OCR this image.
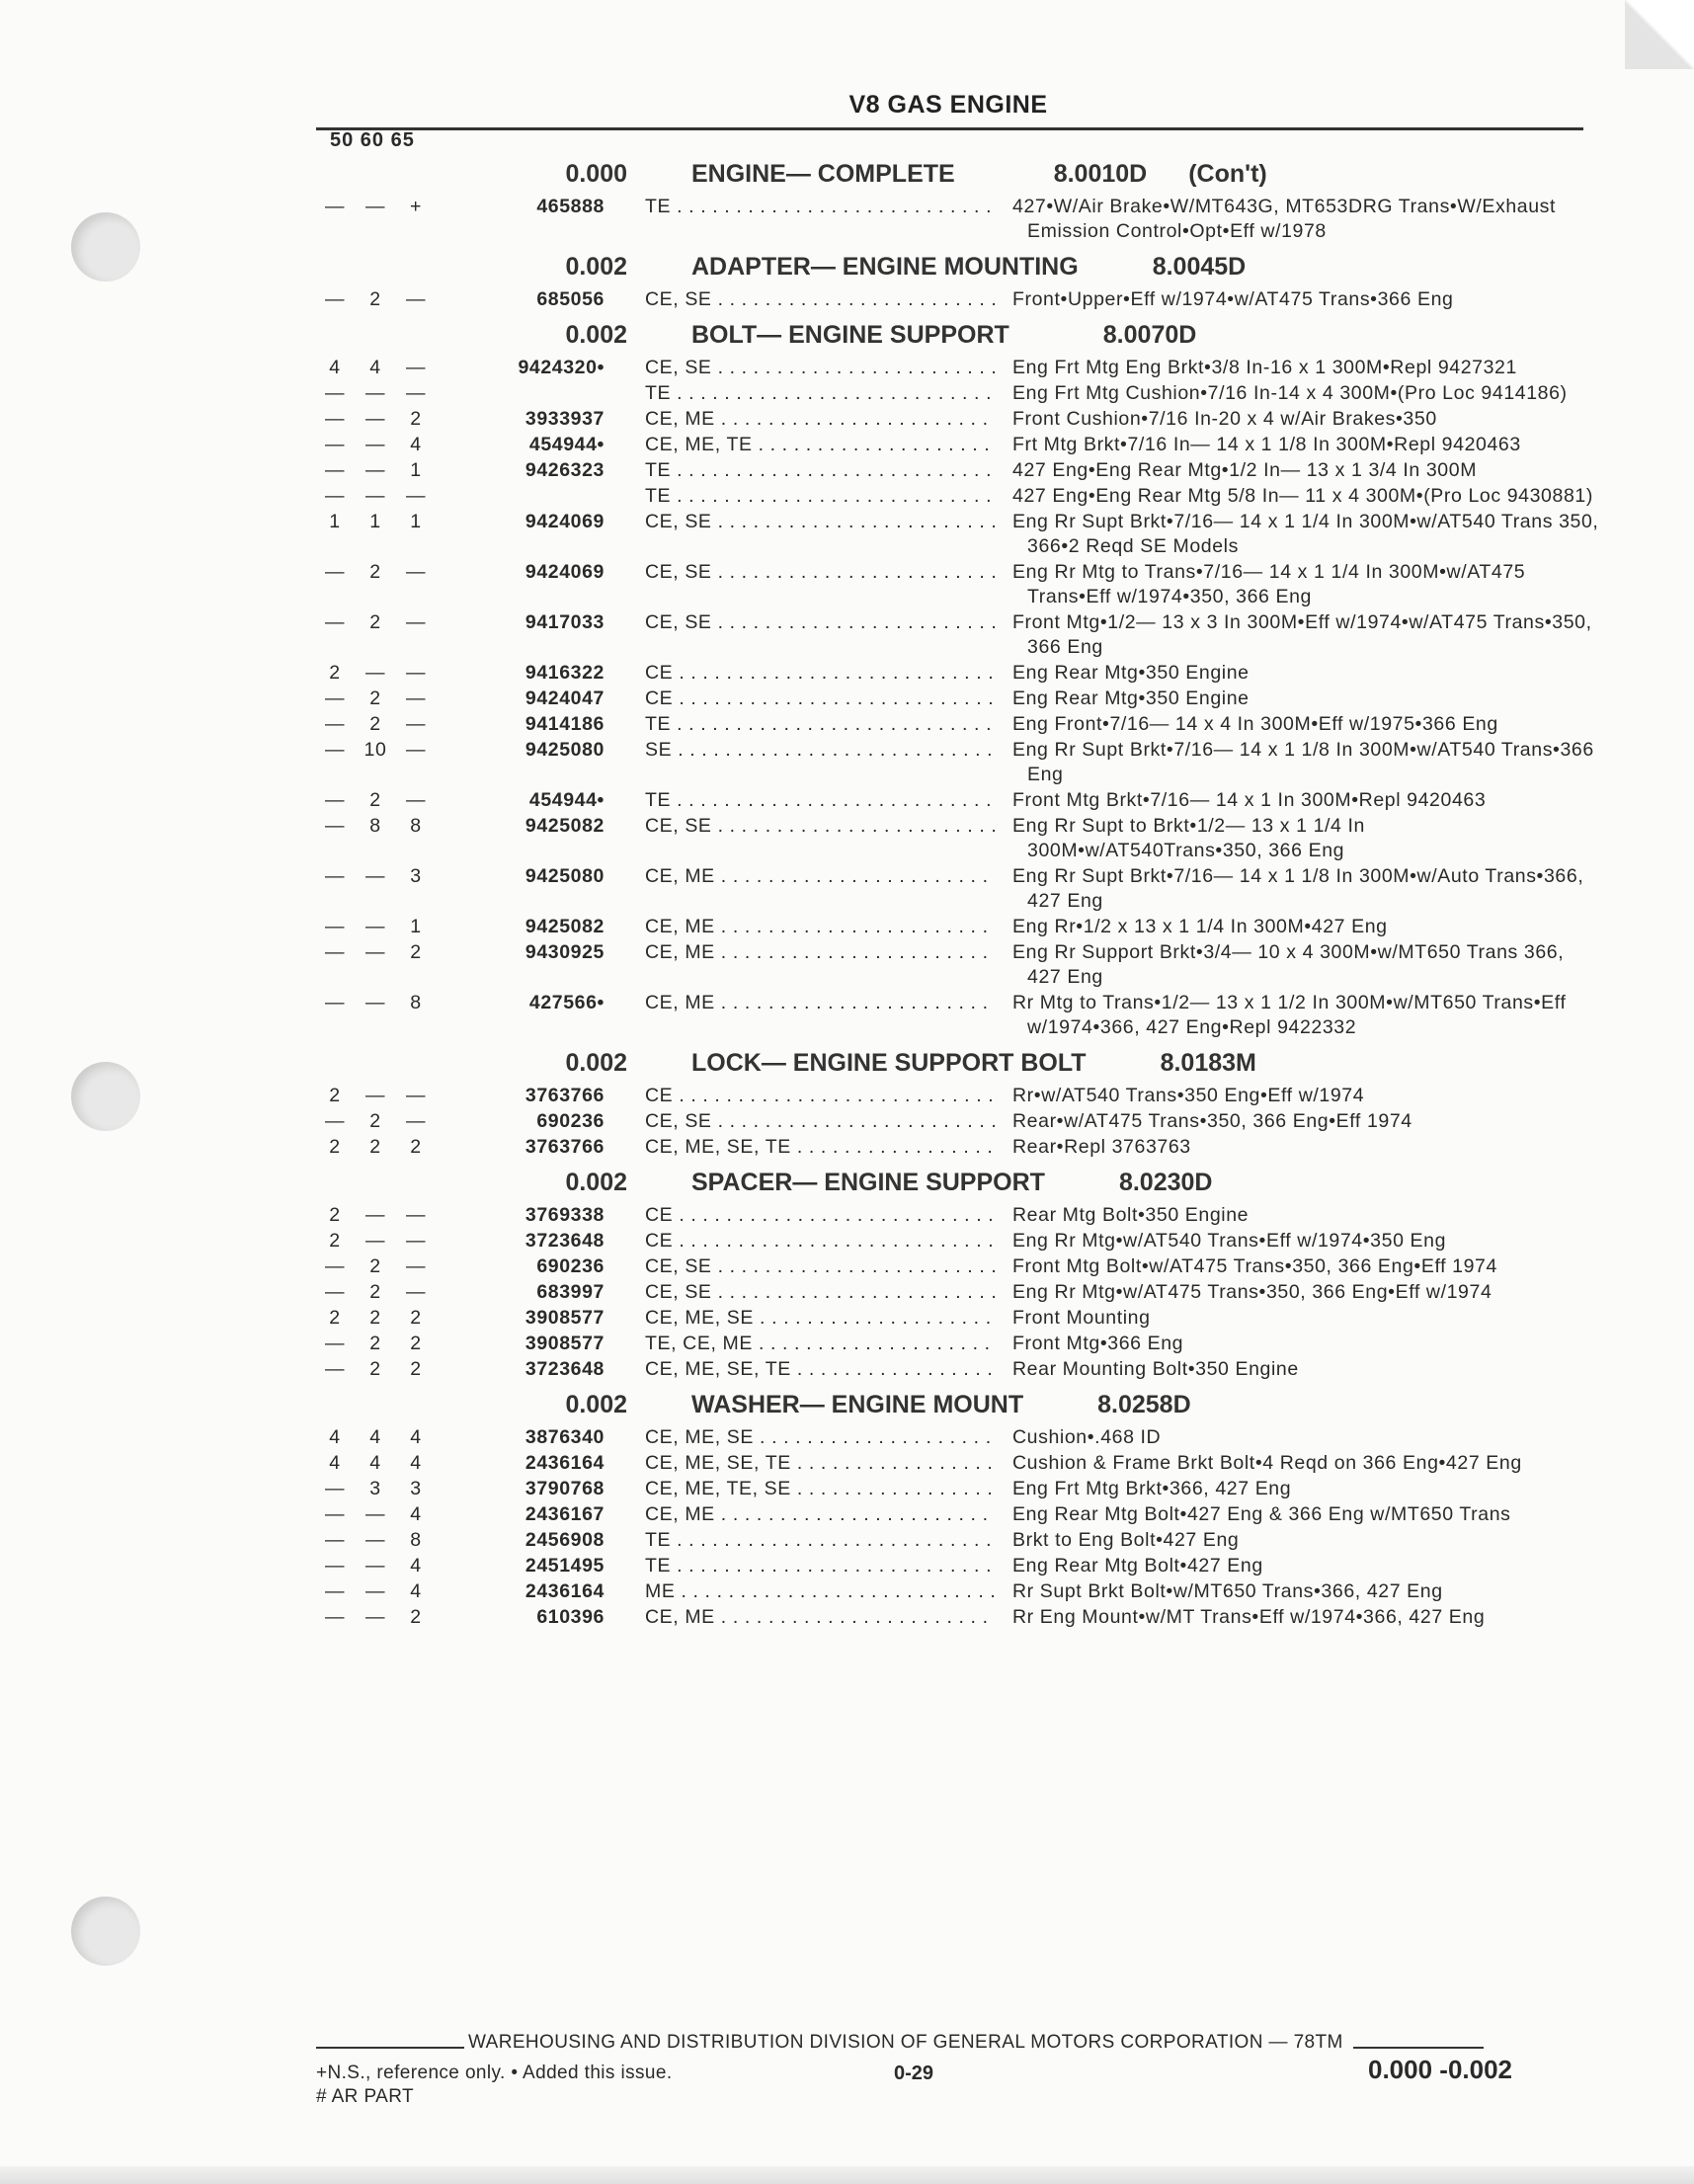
V8 GAS ENGINE
50 60 65
0.000	ENGINE— COMPLETE	8.0010D (Con't)
— —	+	465888 TE . . .	427•W/Air Brake•W/MT643G, MT653DRG Trans•W/Exhaust Emission Control•Opt•Eff w/1978
0.002	ADAPTER— ENGINE MOUNTING	8.0045D
—	2	—	685056 CE, SE . . .	Front•Upper•Eff w/1974•w/AT475 Trans•366 Eng
0.002	BOLT— ENGINE SUPPORT	8.0070D
4	4	—	9424320• CE, SE . . .	Eng Frt Mtg Eng Brkt•3/8 In-16 x 1 300M•Repl 9427321
— — —	TE . . .	Eng Frt Mtg Cushion•7/16 In-14 x 4 300M•(Pro Loc 9414186)
— —	2	3933937 CE, ME . . .	Front Cushion•7/16 In-20 x 4 w/Air Brakes•350
— —	4	454944• CE, ME, TE . . .	Frt Mtg Brkt•7/16 In— 14 x 1 1/8 In 300M•Repl 9420463
— —	1	9426323 TE . . .	427 Eng•Eng Rear Mtg•1/2 In— 13 x 1 3/4 In 300M
— — —	TE . . .	427 Eng•Eng Rear Mtg 5/8 In— 11 x 4 300M•(Pro Loc 9430881)
1	1	1	9424069 CE, SE . . .	Eng Rr Supt Brkt•7/16— 14 x 1 1/4 In 300M•w/AT540 Trans 350, 366•2 Reqd SE Models
—	2	—	9424069 CE, SE . . .	Eng Rr Mtg to Trans•7/16— 14 x 1 1/4 In 300M•w/AT475 Trans•Eff w/1974•350, 366 Eng
—	2	—	9417033 CE, SE . . .	Front Mtg•1/2— 13 x 3 In 300M•Eff w/1974•w/AT475 Trans•350, 366 Eng
2	— —	9416322 CE . . .	Eng Rear Mtg•350 Engine
—	2	—	9424047 CE . . .	Eng Rear Mtg•350 Engine
—	2	—	9414186 TE . . .	Eng Front•7/16— 14 x 4 In 300M•Eff w/1975•366 Eng
— 10 —	9425080 SE . . .	Eng Rr Supt Brkt•7/16— 14 x 1 1/8 In 300M•w/AT540 Trans•366 Eng
—	2	—	454944• TE . . .	Front Mtg Brkt•7/16— 14 x 1 In 300M•Repl 9420463
—	8	8	9425082 CE, SE . . .	Eng Rr Supt to Brkt•1/2— 13 x 1 1/4 In 300M•w/AT540Trans•350, 366 Eng
— —	3	9425080 CE, ME . . .	Eng Rr Supt Brkt•7/16— 14 x 1 1/8 In 300M•w/Auto Trans•366, 427 Eng
— —	1	9425082 CE, ME . . .	Eng Rr•1/2 x 13 x 1 1/4 In 300M•427 Eng
— —	2	9430925 CE, ME . . .	Eng Rr Support Brkt•3/4— 10 x 4 300M•w/MT650 Trans 366, 427 Eng
— —	8	427566• CE, ME . . .	Rr Mtg to Trans•1/2— 13 x 1 1/2 In 300M•w/MT650 Trans•Eff w/1974•366, 427 Eng•Repl 9422332
0.002	LOCK— ENGINE SUPPORT BOLT	8.0183M
2	— —	3763766 CE . . .	Rr•w/AT540 Trans•350 Eng•Eff w/1974
—	2	—	690236 CE, SE . . .	Rear•w/AT475 Trans•350, 366 Eng•Eff 1974
2	2	2	3763766 CE, ME, SE, TE . . .	Rear•Repl 3763763
0.002	SPACER— ENGINE SUPPORT	8.0230D
2	— —	3769338 CE . . .	Rear Mtg Bolt•350 Engine
2	— —	3723648 CE . . .	Eng Rr Mtg•w/AT540 Trans•Eff w/1974•350 Eng
—	2	—	690236 CE, SE . . .	Front Mtg Bolt•w/AT475 Trans•350, 366 Eng•Eff 1974
—	2	—	683997 CE, SE . . .	Eng Rr Mtg•w/AT475 Trans•350, 366 Eng•Eff w/1974
2	2	2	3908577 CE, ME, SE . . .	Front Mounting
—	2	2	3908577 TE, CE, ME . . .	Front Mtg•366 Eng
—	2	2	3723648 CE, ME, SE, TE . . .	Rear Mounting Bolt•350 Engine
0.002	WASHER— ENGINE MOUNT	8.0258D
4	4	4	3876340 CE, ME, SE . . .	Cushion•.468 ID
4	4	4	2436164 CE, ME, SE, TE . . .	Cushion & Frame Brkt Bolt•4 Reqd on 366 Eng•427 Eng
—	3	3	3790768 CE, ME, TE, SE . . .	Eng Frt Mtg Brkt•366, 427 Eng
— —	4	2436167 CE, ME . . .	Eng Rear Mtg Bolt•427 Eng & 366 Eng w/MT650 Trans
— —	8	2456908 TE . . .	Brkt to Eng Bolt•427 Eng
— —	4	2451495 TE . . .	Eng Rear Mtg Bolt•427 Eng
— —	4	2436164 ME . . .	Rr Supt Brkt Bolt•w/MT650 Trans•366, 427 Eng
— —	2	610396 CE, ME . . .	Rr Eng Mount•w/MT Trans•Eff w/1974•366, 427 Eng
WAREHOUSING AND DISTRIBUTION DIVISION OF GENERAL MOTORS CORPORATION — 78TM
+N.S., reference only. • Added this issue.
# AR PART
0-29	0.000 -0.002
